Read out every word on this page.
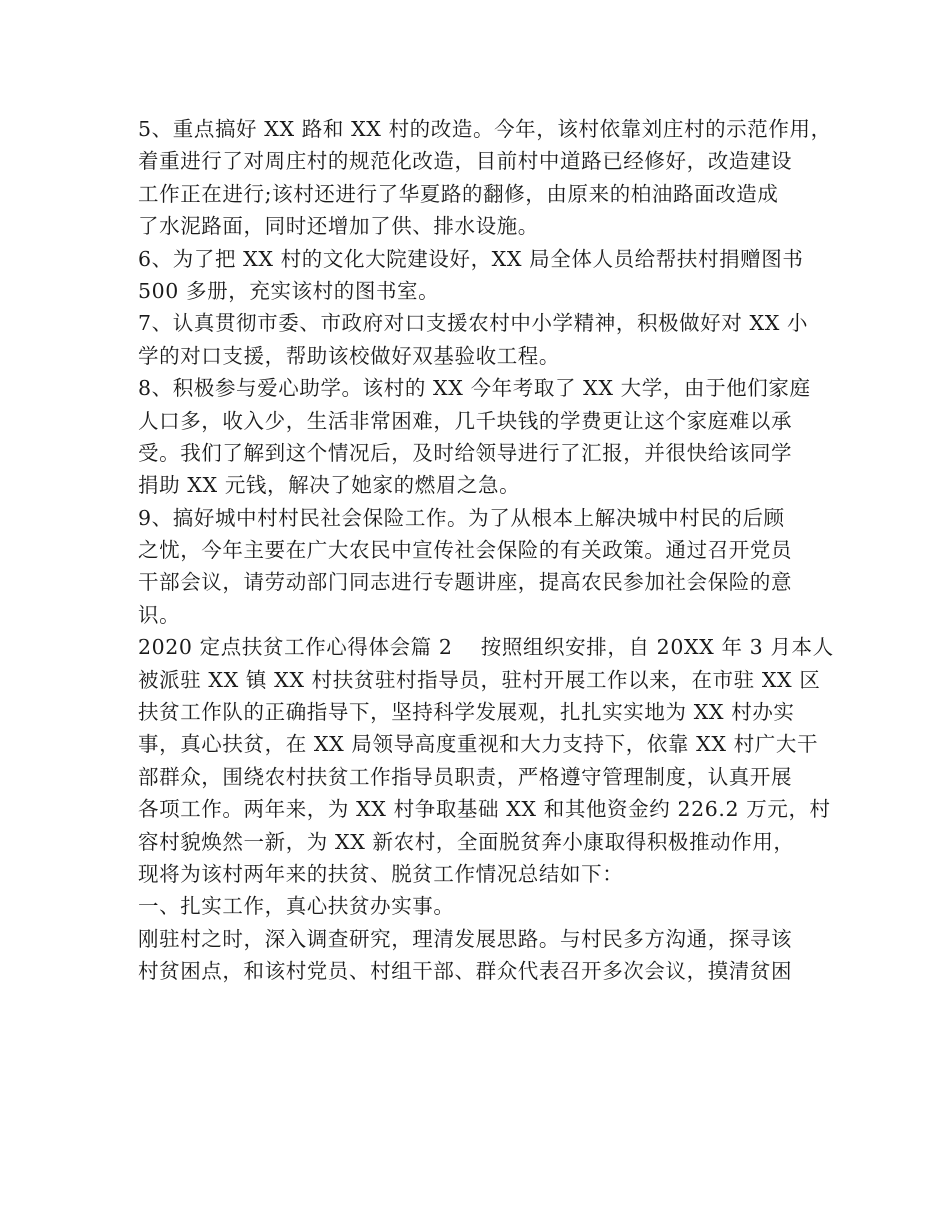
5、重点搞好 XX 路和 XX 村的改造。今年，该村依靠刘庄村的示范作用，
着重进行了对周庄村的规范化改造，目前村中道路已经修好，改造建设
工作正在进行;该村还进行了华夏路的翻修，由原来的柏油路面改造成
了水泥路面，同时还增加了供、排水设施。
6、为了把 XX 村的文化大院建设好，XX 局全体人员给帮扶村捐赠图书
500 多册，充实该村的图书室。
7、认真贯彻市委、市政府对口支援农村中小学精神，积极做好对 XX 小
学的对口支援，帮助该校做好双基验收工程。
8、积极参与爱心助学。该村的 XX 今年考取了 XX 大学，由于他们家庭
人口多，收入少，生活非常困难，几千块钱的学费更让这个家庭难以承
受。我们了解到这个情况后，及时给领导进行了汇报，并很快给该同学
捐助 XX 元钱，解决了她家的燃眉之急。
9、搞好城中村村民社会保险工作。为了从根本上解决城中村民的后顾
之忧，今年主要在广大农民中宣传社会保险的有关政策。通过召开党员
干部会议，请劳动部门同志进行专题讲座，提高农民参加社会保险的意
识。
2020 定点扶贫工作心得体会篇 2　 按照组织安排，自 20XX 年 3 月本人
被派驻 XX 镇 XX 村扶贫驻村指导员，驻村开展工作以来，在市驻 XX 区
扶贫工作队的正确指导下，坚持科学发展观，扎扎实实地为 XX 村办实
事，真心扶贫，在 XX 局领导高度重视和大力支持下，依靠 XX 村广大干
部群众，围绕农村扶贫工作指导员职责，严格遵守管理制度，认真开展
各项工作。两年来，为 XX 村争取基础 XX 和其他资金约 226.2 万元，村
容村貌焕然一新，为 XX 新农村，全面脱贫奔小康取得积极推动作用，
现将为该村两年来的扶贫、脱贫工作情况总结如下：
一、扎实工作，真心扶贫办实事。
刚驻村之时，深入调查研究，理清发展思路。与村民多方沟通，探寻该
村贫困点，和该村党员、村组干部、群众代表召开多次会议，摸清贫困
